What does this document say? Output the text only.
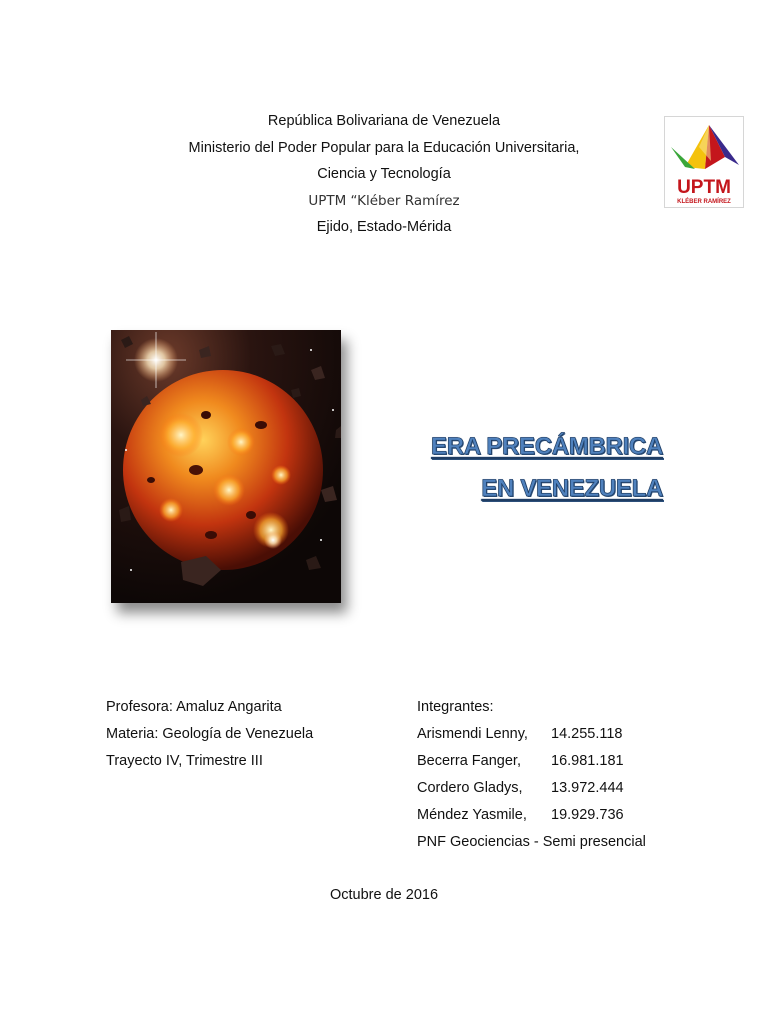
República Bolivariana de Venezuela
Ministerio del Poder Popular para la Educación Universitaria,
Ciencia y Tecnología
UPTM “Kléber Ramírez
Ejido, Estado-Mérida
UPTM
KLÉBER RAMÍREZ
ERA PRECÁMBRICA
EN VENEZUELA
Profesora: Amaluz Angarita
Materia: Geología de Venezuela
Trayecto IV, Trimestre III
Integrantes:
Arismendi Lenny, 14.255.118
Becerra Fanger, 16.981.181
Cordero Gladys, 13.972.444
Méndez Yasmile, 19.929.736
PNF Geociencias - Semi presencial
Octubre de 2016
